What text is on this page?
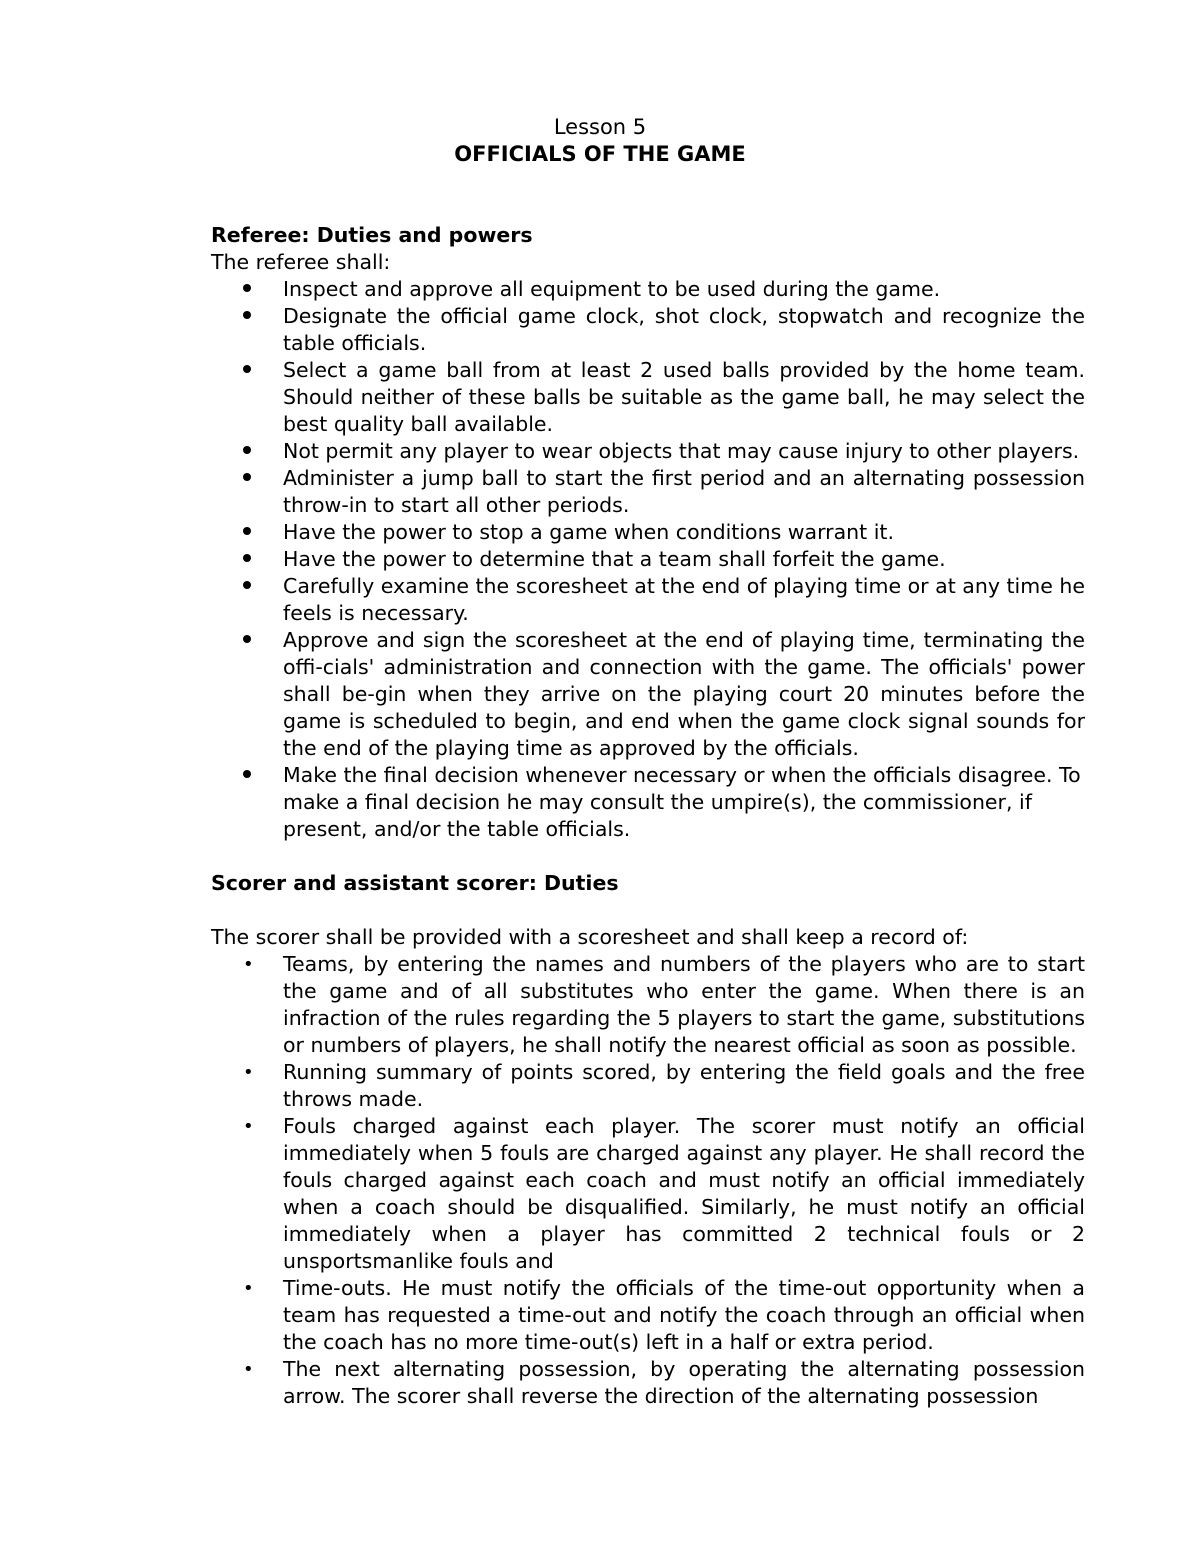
Lesson 5
OFFICIALS OF THE GAME

Referee: Duties and powers

The referee shall:

Inspect and approve all equipment to be used during the game.
Designate the official game clock, shot clock, stopwatch and recognize the table officials.
Select a game ball from at least 2 used balls provided by the home team. Should neither of these balls be suitable as the game ball, he may select the best quality ball available.
Not permit any player to wear objects that may cause injury to other players.
Administer a jump ball to start the first period and an alternating possession throw-in to start all other periods.
Have the power to stop a game when conditions warrant it.
Have the power to determine that a team shall forfeit the game.
Carefully examine the scoresheet at the end of playing time or at any time he feels is necessary.
Approve and sign the scoresheet at the end of playing time, terminating the offi-cials' administration and connection with the game. The officials' power shall be-gin when they arrive on the playing court 20 minutes before the game is scheduled to begin, and end when the game clock signal sounds for the end of the playing time as approved by the officials.
Make the final decision whenever necessary or when the officials disagree. To make a final decision he may consult the umpire(s), the commissioner, if present, and/or the table officials.

Scorer and assistant scorer: Duties

The scorer shall be provided with a scoresheet and shall keep a record of:

•	Teams, by entering the names and numbers of the players who are to start the game and of all substitutes who enter the game. When there is an infraction of the rules regarding the 5 players to start the game, substitutions or numbers of players, he shall notify the nearest official as soon as possible.
•	Running summary of points scored, by entering the field goals and the free throws made.
•	Fouls charged against each player. The scorer must notify an official immediately when 5 fouls are charged against any player. He shall record the fouls charged against each coach and must notify an official immediately when a coach should be disqualified. Similarly, he must notify an official immediately when a player has committed 2 technical fouls or 2 unsportsmanlike fouls and
•	Time-outs. He must notify the officials of the time-out opportunity when a team has requested a time-out and notify the coach through an official when the coach has no more time-out(s) left in a half or extra period.
•	The next alternating possession, by operating the alternating possession arrow. The scorer shall reverse the direction of the alternating possession
